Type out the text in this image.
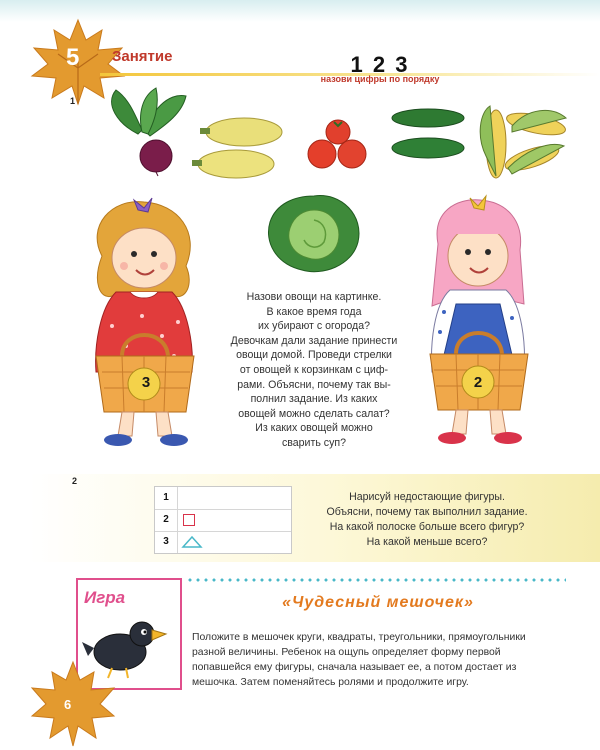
5 Занятие	1 2 3
назови цифры по порядку
1
3	2
Назови овощи на картинке.
В какое время года
их убирают с огорода?
Девочкам дали задание принести
овощи домой. Проведи стрелки
от овощей к корзинкам с циф-
рами. Объясни, почему так вы-
полнил задание. Из каких
овощей можно сделать салат?
Из каких овощей можно
сварить суп?
2
1
2
3
Нарисуй недостающие фигуры.
Объясни, почему так выполнил задание.
На какой полоске больше всего фигур?
На какой меньше всего?
Игра	«Чудесный мешочек»
Положите в мешочек круги, квадраты, треугольники, прямоугольники
разной величины. Ребенок на ощупь определяет форму первой
попавшейся ему фигуры, сначала называет ее, а потом достает из
мешочка. Затем поменяйтесь ролями и продолжите игру.
6
